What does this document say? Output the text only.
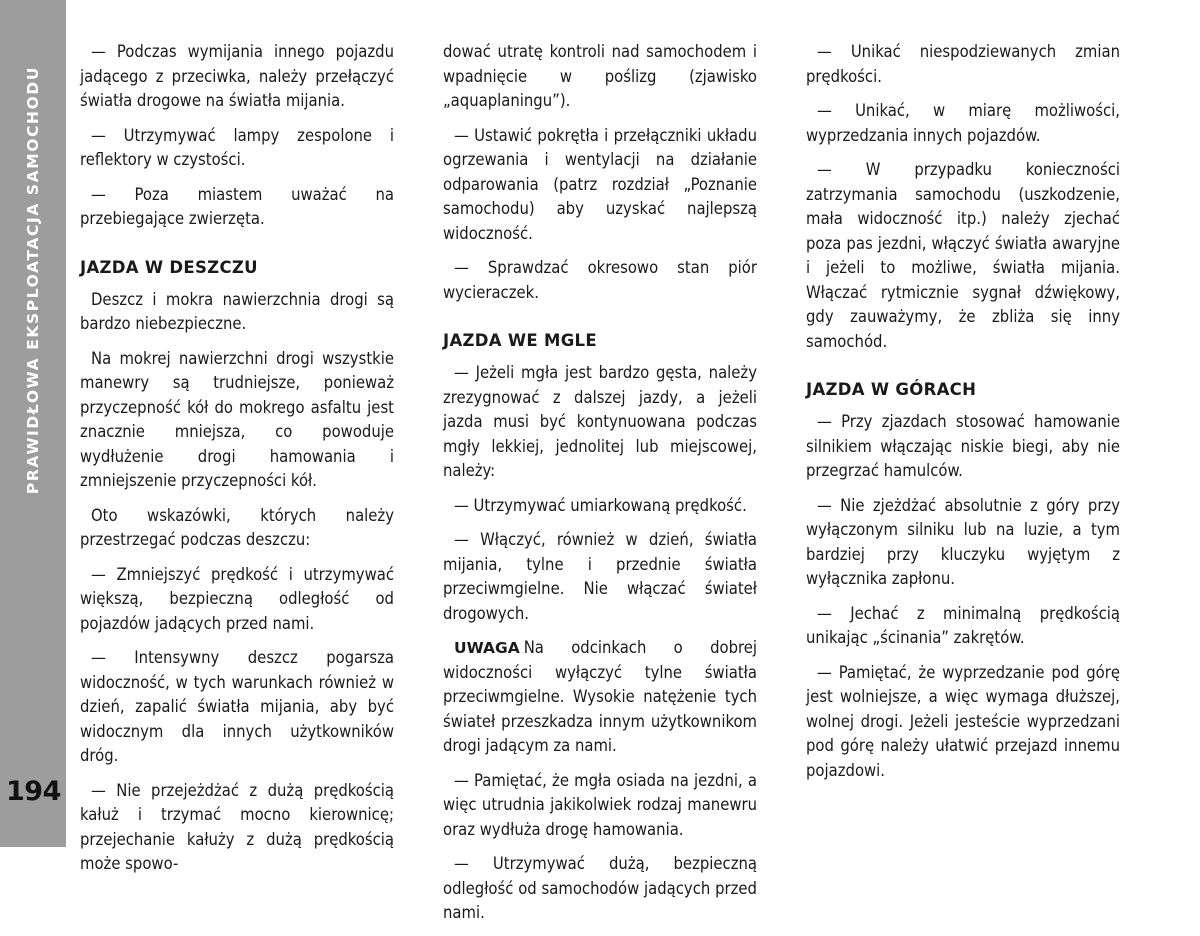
PRAWIDŁOWA EKSPLOATACJA SAMOCHODU
194

— Podczas wymijania innego pojazdu jadącego z przeciwka, należy przełączyć światła drogowe na światła mijania.

— Utrzymywać lampy zespolone i reflektory w czystości.

— Poza miastem uważać na przebiegające zwierzęta.

JAZDA W DESZCZU

Deszcz i mokra nawierzchnia drogi są bardzo niebezpieczne.

Na mokrej nawierzchni drogi wszystkie manewry są trudniejsze, ponieważ przyczepność kół do mokrego asfaltu jest znacznie mniejsza, co powoduje wydłużenie drogi hamowania i zmniejszenie przyczepności kół.

Oto wskazówki, których należy przestrzegać podczas deszczu:

— Zmniejszyć prędkość i utrzymywać większą, bezpieczną odległość od pojazdów jadących przed nami.

— Intensywny deszcz pogarsza widoczność, w tych warunkach również w dzień, zapalić światła mijania, aby być widocznym dla innych użytkowników dróg.

— Nie przejeżdżać z dużą prędkością kałuż i trzymać mocno kierownicę; przejechanie kałuży z dużą prędkością może spowo-

dować utratę kontroli nad samochodem i wpadnięcie w poślizg (zjawisko „aquaplaningu”).

— Ustawić pokrętła i przełączniki układu ogrzewania i wentylacji na działanie odparowania (patrz rozdział „Poznanie samochodu) aby uzyskać najlepszą widoczność.

— Sprawdzać okresowo stan piór wycieraczek.

JAZDA WE MGLE

— Jeżeli mgła jest bardzo gęsta, należy zrezygnować z dalszej jazdy, a jeżeli jazda musi być kontynuowana podczas mgły lekkiej, jednolitej lub miejscowej, należy:

— Utrzymywać umiarkowaną prędkość.

— Włączyć, również w dzień, światła mijania, tylne i przednie światła przeciwmgielne. Nie włączać świateł drogowych.

UWAGA Na odcinkach o dobrej widoczności wyłączyć tylne światła przeciwmgielne. Wysokie natężenie tych świateł przeszkadza innym użytkownikom drogi jadącym za nami.

— Pamiętać, że mgła osiada na jezdni, a więc utrudnia jakikolwiek rodzaj manewru oraz wydłuża drogę hamowania.

— Utrzymywać dużą, bezpieczną odległość od samochodów jadących przed nami.

— Unikać niespodziewanych zmian prędkości.

— Unikać, w miarę możliwości, wyprzedzania innych pojazdów.

— W przypadku konieczności zatrzymania samochodu (uszkodzenie, mała widoczność itp.) należy zjechać poza pas jezdni, włączyć światła awaryjne i jeżeli to możliwe, światła mijania. Włączać rytmicznie sygnał dźwiękowy, gdy zauważymy, że zbliża się inny samochód.

JAZDA W GÓRACH

— Przy zjazdach stosować hamowanie silnikiem włączając niskie biegi, aby nie przegrzać hamulców.

— Nie zjeżdżać absolutnie z góry przy wyłączonym silniku lub na luzie, a tym bardziej przy kluczyku wyjętym z wyłącznika zapłonu.

— Jechać z minimalną prędkością unikając „ścinania” zakrętów.

— Pamiętać, że wyprzedzanie pod górę jest wolniejsze, a więc wymaga dłuższej, wolnej drogi. Jeżeli jesteście wyprzedzani pod górę należy ułatwić przejazd innemu pojazdowi.
